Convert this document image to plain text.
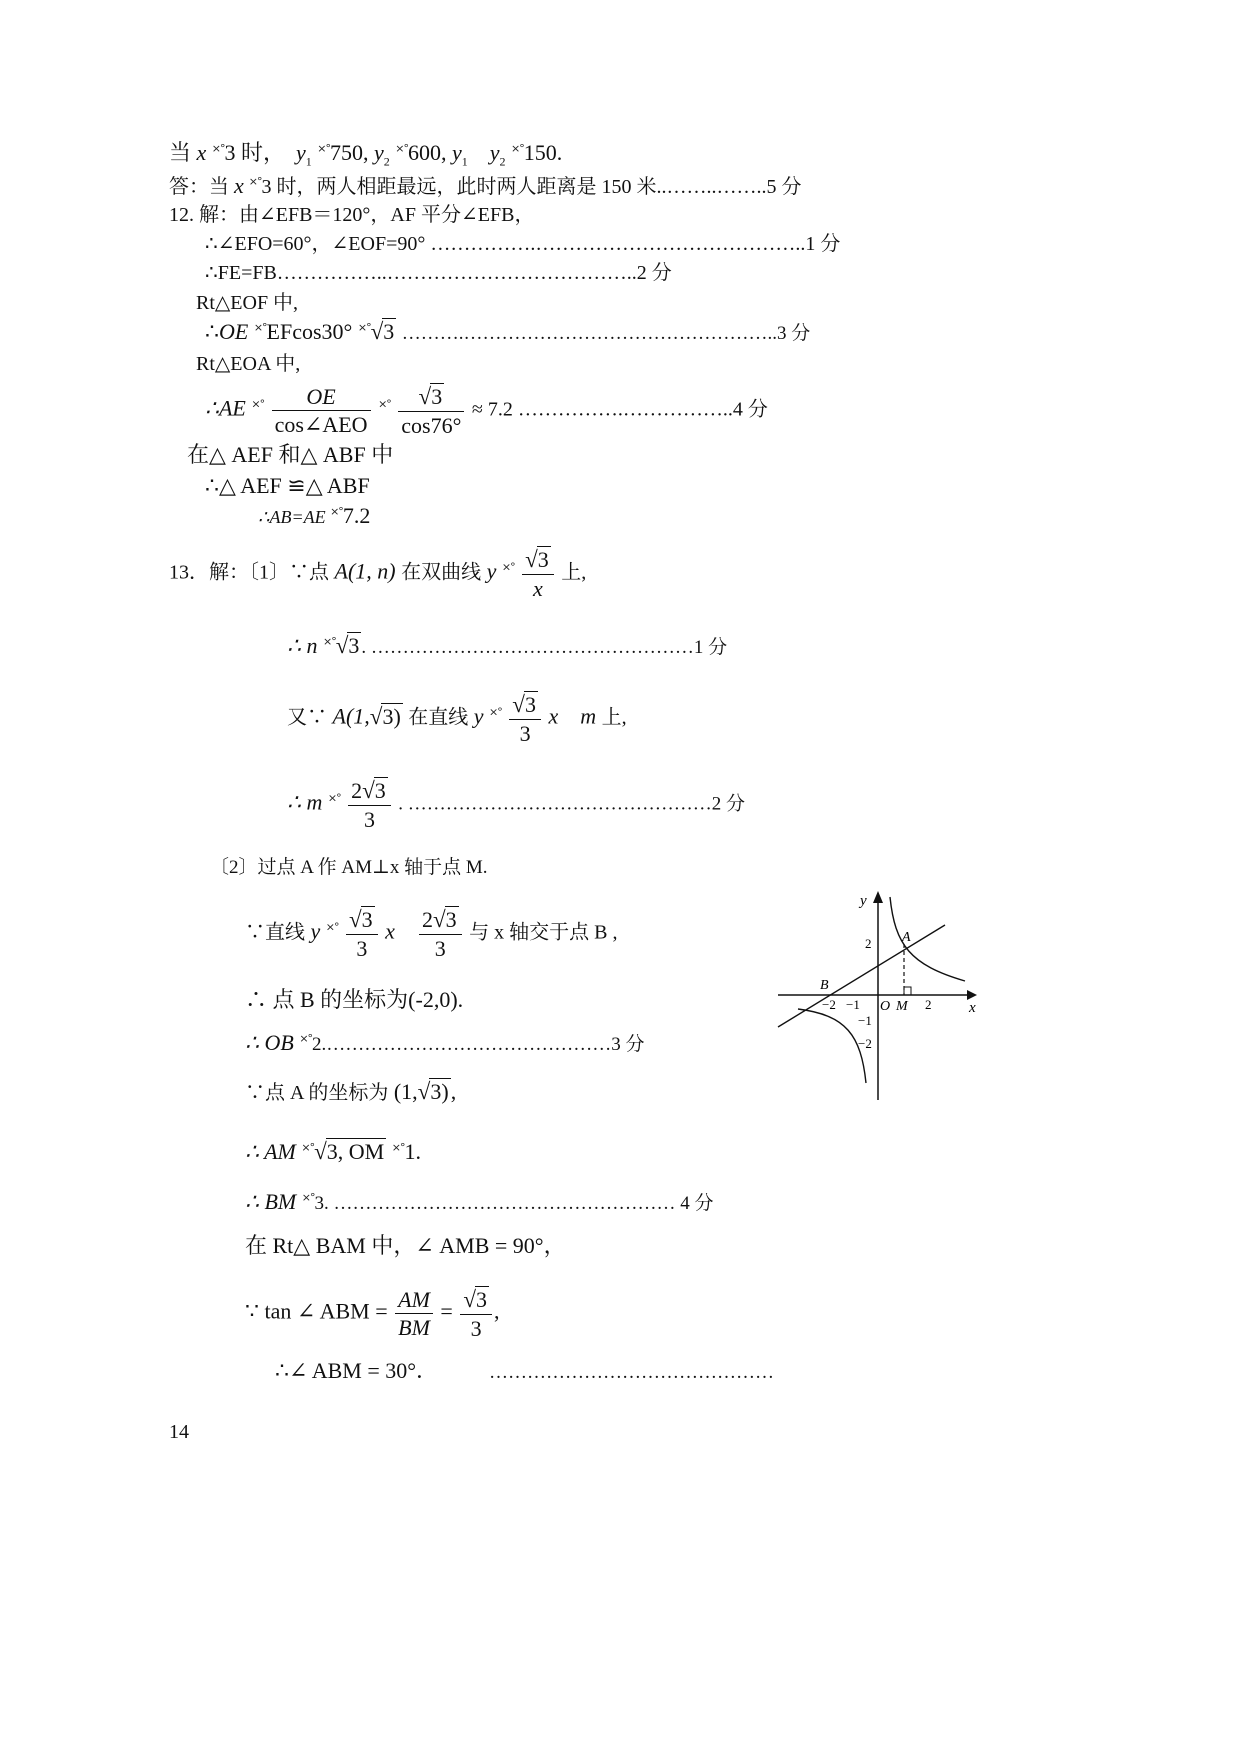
当 x ×°3 时， $y_1$ ×°750, $y_2$ ×°600, $y_1$ $y_2$ ×°150.
答：当 x ×°3 时，两人相距最远，此时两人距离是 150 米..……..……..5 分
12. 解：由∠EFB＝120°，AF 平分∠EFB，
∴∠EFO=60°，∠EOF=90° …………….…………………………………..1 分
∴FE=FB……………..………………………………..2 分
Rt△EOF 中,
∴OE ×°EFcos30° ×°√3 ……….…………………………………………..3 分
Rt△EOA 中,
∴AE $^{\times^\circ} \frac{OE}{\text{cos∠AEO}} ^{\times^\circ} \frac{√3}{\cos 76^\circ} \approx 7.2$ …………….……………..4 分
在△ AEF 和△ ABF 中
∴△ AEF ≌△ ABF
∴AB=AE ×°7.2
13．解：〔1〕∵点 A(1, n) 在双曲线 y $^{\times^\circ} \frac{√3}{x}$ 上,
∴ n ×°√3 . ……………………………………………1 分
又∵ A(1,√3) 在直线 y $^{\times^\circ} \frac{√3}{3}$ x m 上,
∴ m $^{\times^\circ} \frac{2√3}{3}$ . …………………………………………2 分
〔2〕过点 A 作 AM⊥x 轴于点 M.
∵直线 y $^{\times^\circ} \frac{√3}{3}$ x $\frac{2√3}{3}$ 与 x 轴交于点 B ,
∴ 点 B 的坐标为(-2,0).
∴ OB ×°2.………………………………………3 分
∵点 A 的坐标为 (1,√3),
∴ AM ×°√3, OM ×°1.
∴ BM ×°3. ……………………………………………… 4 分
在 Rt△ BAM 中，∠ AMB = 90°，
∵ tan ∠ ABM = $\frac{AM}{BM} = \frac{√3}{3}$ ,
∴∠ ABM = 30°．	………………………………………
14
y
x
A
B
O M
−2 −1	2
2
−1
−2
